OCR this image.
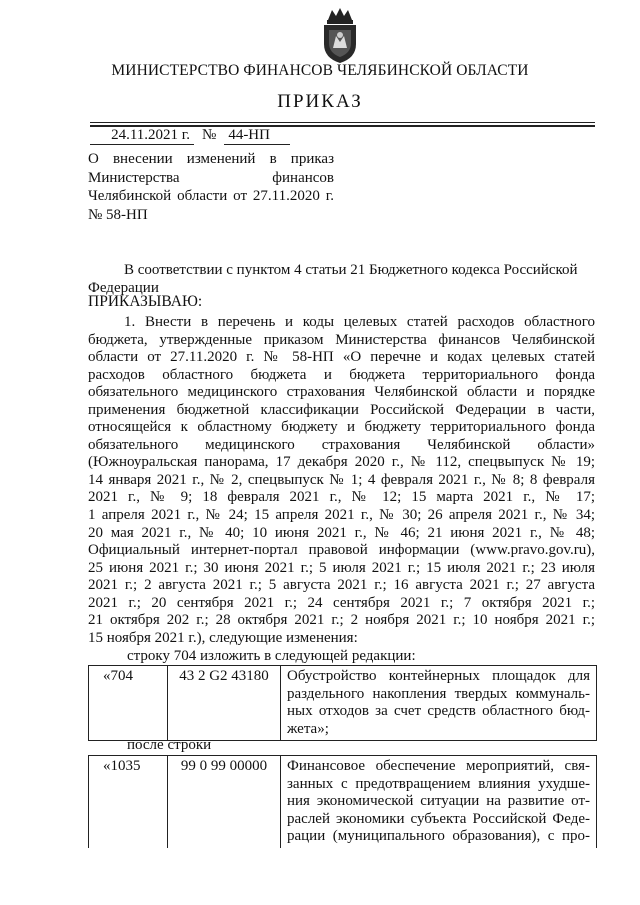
МИНИСТЕРСТВО ФИНАНСОВ ЧЕЛЯБИНСКОЙ ОБЛАСТИ
ПРИКАЗ
24.11.2021 г. № 44-НП
О внесении изменений в приказ
Министерства финансов
Челябинской области от 27.11.2020 г.
№ 58-НП
В соответствии с пунктом 4 статьи 21 Бюджетного кодекса Российской Федерации
ПРИКАЗЫВАЮ:
1. Внести в перечень и коды целевых статей расходов областного
бюджета, утвержденные приказом Министерства финансов Челябинской
области от 27.11.2020 г. № 58-НП «О перечне и кодах целевых статей
расходов областного бюджета и бюджета территориального фонда
обязательного медицинского страхования Челябинской области и порядке
применения бюджетной классификации Российской Федерации в части,
относящейся к областному бюджету и бюджету территориального фонда
обязательного медицинского страхования Челябинской области»
(Южноуральская панорама, 17 декабря 2020 г., № 112, спецвыпуск № 19;
14 января 2021 г., № 2, спецвыпуск № 1; 4 февраля 2021 г., № 8; 8 февраля
2021 г., № 9; 18 февраля 2021 г., № 12; 15 марта 2021 г., № 17;
1 апреля 2021 г., № 24; 15 апреля 2021 г., № 30; 26 апреля 2021 г., № 34;
20 мая 2021 г., № 40; 10 июня 2021 г., № 46; 21 июня 2021 г., № 48;
Официальный интернет-портал правовой информации (www.pravo.gov.ru),
25 июня 2021 г.; 30 июня 2021 г.; 5 июля 2021 г.; 15 июля 2021 г.; 23 июля
2021 г.; 2 августа 2021 г.; 5 августа 2021 г.; 16 августа 2021 г.; 27 августа
2021 г.; 20 сентября 2021 г.; 24 сентября 2021 г.; 7 октября 2021 г.;
21 октября 202 г.; 28 октября 2021 г.; 2 ноября 2021 г.; 10 ноября 2021 г.;
15 ноября 2021 г.), следующие изменения:
строку 704 изложить в следующей редакции:
«704	43 2 G2 43180	Обустройство контейнерных площадок для
раздельного накопления твердых коммуналь-
ных отходов за счет средств областного бюд-
жета»;
после строки
«1035	99 0 99 00000	Финансовое обеспечение мероприятий, свя-
занных с предотвращением влияния ухудше-
ния экономической ситуации на развитие от-
раслей экономики субъекта Российской Феде-
рации (муниципального образования), с про-
